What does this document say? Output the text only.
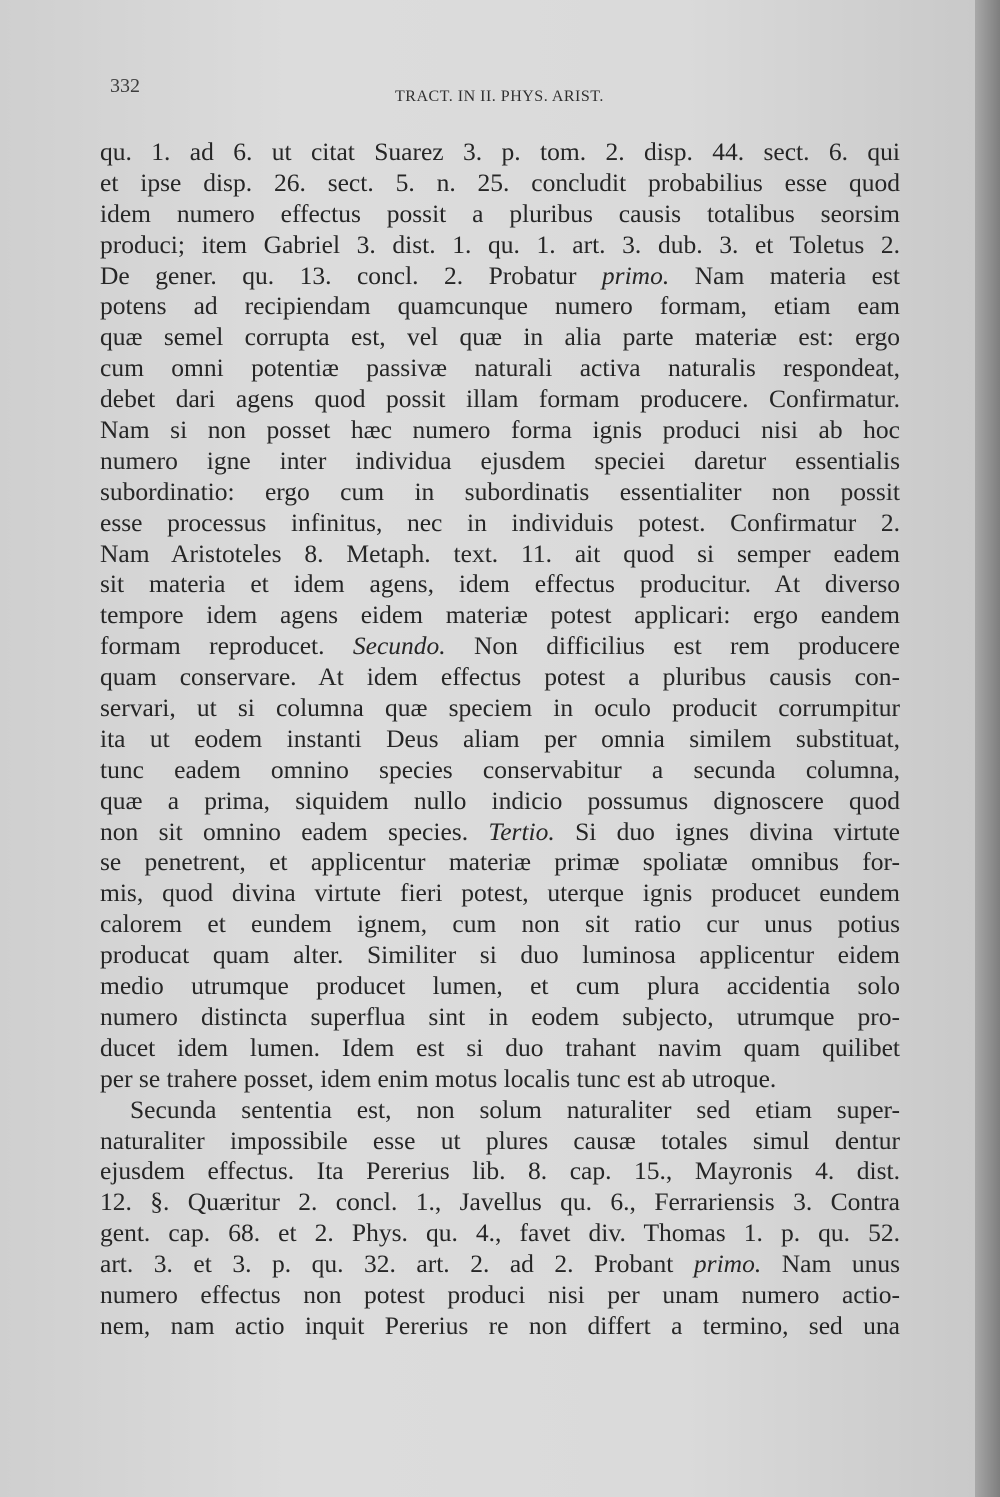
332	TRACT. IN II. PHYS. ARIST.
qu. 1. ad 6. ut citat Suarez 3. p. tom. 2. disp. 44. sect. 6. qui
et ipse disp. 26. sect. 5. n. 25. concludit probabilius esse quod
idem numero effectus possit a pluribus causis totalibus seorsim
produci; item Gabriel 3. dist. 1. qu. 1. art. 3. dub. 3. et Toletus 2.
De gener. qu. 13. concl. 2. Probatur primo. Nam materia est
potens ad recipiendam quamcunque numero formam, etiam eam
quæ semel corrupta est, vel quæ in alia parte materiæ est: ergo
cum omni potentiæ passivæ naturali activa naturalis respondeat,
debet dari agens quod possit illam formam producere. Confirmatur.
Nam si non posset hæc numero forma ignis produci nisi ab hoc
numero igne inter individua ejusdem speciei daretur essentialis
subordinatio: ergo cum in subordinatis essentialiter non possit
esse processus infinitus, nec in individuis potest. Confirmatur 2.
Nam Aristoteles 8. Metaph. text. 11. ait quod si semper eadem
sit materia et idem agens, idem effectus producitur. At diverso
tempore idem agens eidem materiæ potest applicari: ergo eandem
formam reproducet. Secundo. Non difficilius est rem producere
quam conservare. At idem effectus potest a pluribus causis con-
servari, ut si columna quæ speciem in oculo producit corrumpitur
ita ut eodem instanti Deus aliam per omnia similem substituat,
tunc eadem omnino species conservabitur a secunda columna,
quæ a prima, siquidem nullo indicio possumus dignoscere quod
non sit omnino eadem species. Tertio. Si duo ignes divina virtute
se penetrent, et applicentur materiæ primæ spoliatæ omnibus for-
mis, quod divina virtute fieri potest, uterque ignis producet eundem
calorem et eundem ignem, cum non sit ratio cur unus potius
producat quam alter. Similiter si duo luminosa applicentur eidem
medio utrumque producet lumen, et cum plura accidentia solo
numero distincta superflua sint in eodem subjecto, utrumque pro-
ducet idem lumen. Idem est si duo trahant navim quam quilibet
per se trahere posset, idem enim motus localis tunc est ab utroque.
Secunda sententia est, non solum naturaliter sed etiam super-
naturaliter impossibile esse ut plures causæ totales simul dentur
ejusdem effectus. Ita Pererius lib. 8. cap. 15., Mayronis 4. dist.
12. §. Quæritur 2. concl. 1., Javellus qu. 6., Ferrariensis 3. Contra
gent. cap. 68. et 2. Phys. qu. 4., favet div. Thomas 1. p. qu. 52.
art. 3. et 3. p. qu. 32. art. 2. ad 2. Probant primo. Nam unus
numero effectus non potest produci nisi per unam numero actio-
nem, nam actio inquit Pererius re non differt a termino, sed una
